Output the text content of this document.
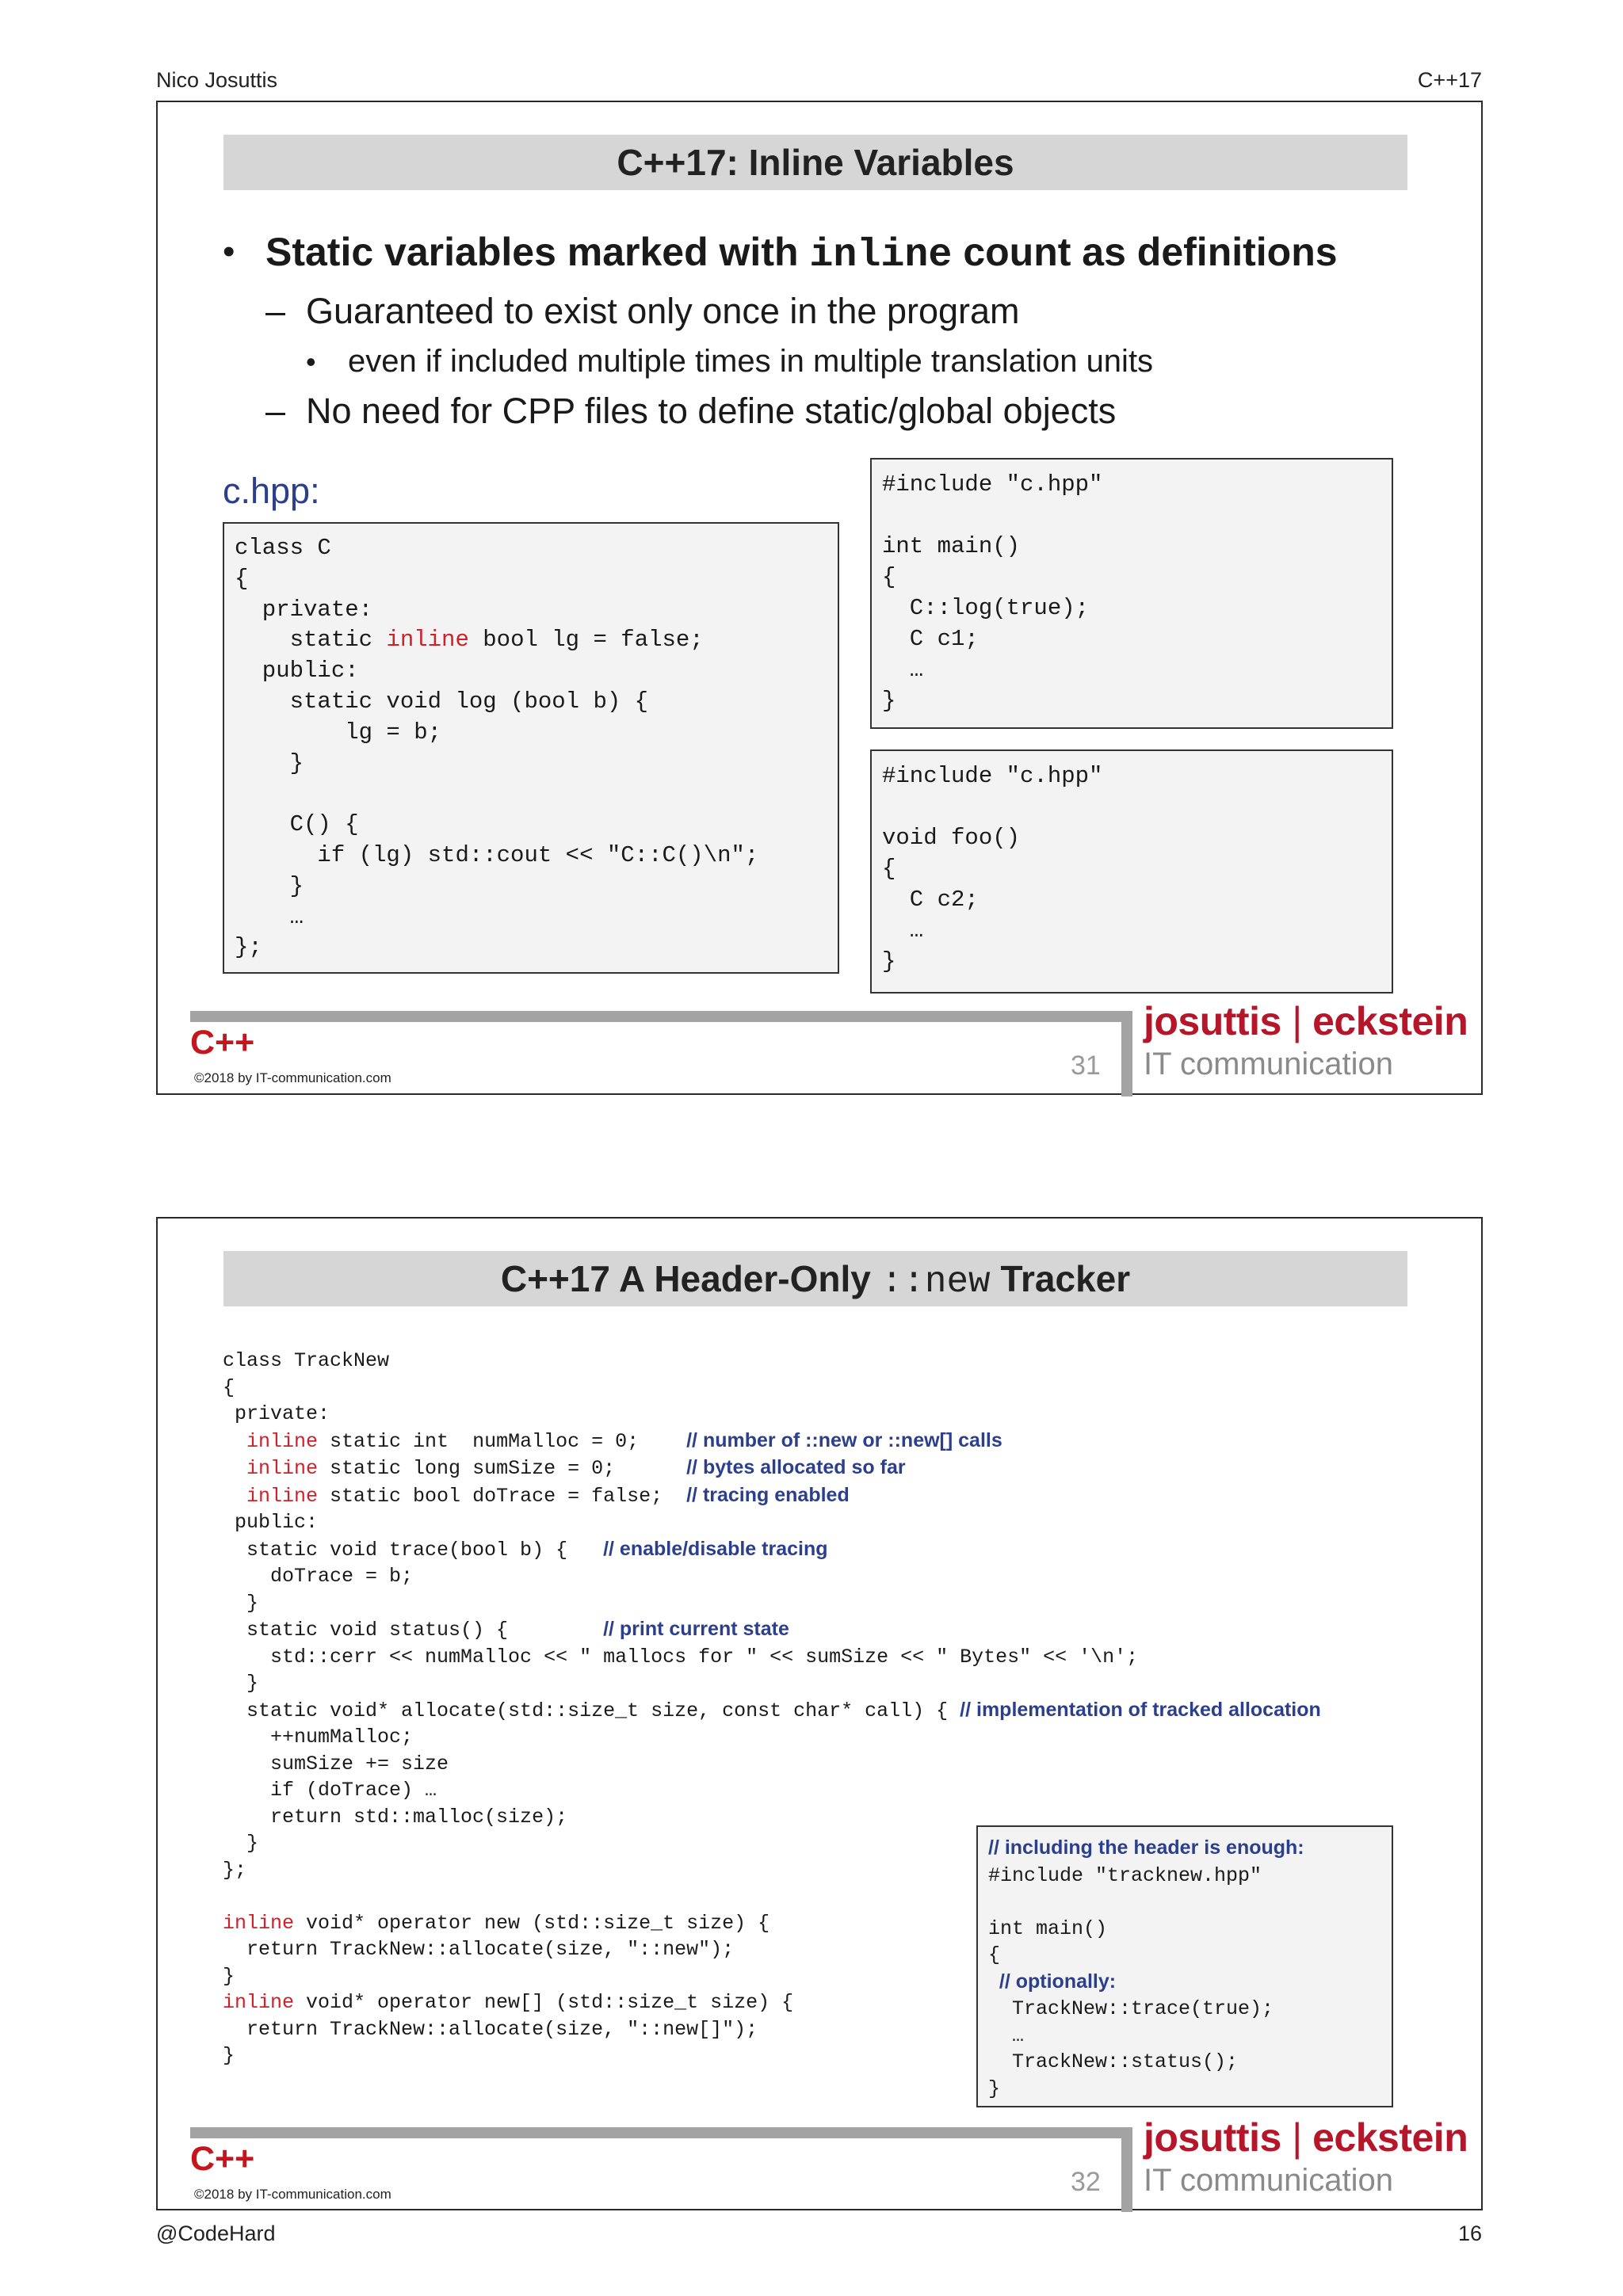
Nico Josuttis	C++17
C++17: Inline Variables
• Static variables marked with inline count as definitions
– Guaranteed to exist only once in the program
• even if included multiple times in multiple translation units
– No need for CPP files to define static/global objects
c.hpp:
class C
{
private:
static inline bool lg = false;
public:
static void log (bool b) {
lg = b;
}

C() {
if (lg) std::cout << "C::C()\n";
}
…
};
#include "c.hpp"

int main()
{
C::log(true);
C c1;
…
}
#include "c.hpp"

void foo()
{
C c2;
…
}
C++
©2018 by IT-communication.com	31
josuttis | eckstein
IT communication
C++17 A Header-Only ::new Tracker
class TrackNew
{
private:
inline static int  numMalloc = 0;    // number of ::new or ::new[] calls
inline static long sumSize = 0;      // bytes allocated so far
inline static bool doTrace = false;  // tracing enabled
public:
static void trace(bool b) {   // enable/disable tracing
doTrace = b;
}
static void status() {        // print current state
std::cerr << numMalloc << " mallocs for " << sumSize << " Bytes" << '\n';
}
static void* allocate(std::size_t size, const char* call) { // implementation of tracked allocation
++numMalloc;
sumSize += size
if (doTrace) …
return std::malloc(size);
}
};

inline void* operator new (std::size_t size) {
return TrackNew::allocate(size, "::new");
}
inline void* operator new[] (std::size_t size) {
return TrackNew::allocate(size, "::new[]");
}
// including the header is enough:
#include "tracknew.hpp"

int main()
{
// optionally:
TrackNew::trace(true);
…
TrackNew::status();
}
C++
©2018 by IT-communication.com	32
josuttis | eckstein
IT communication
@CodeHard	16
